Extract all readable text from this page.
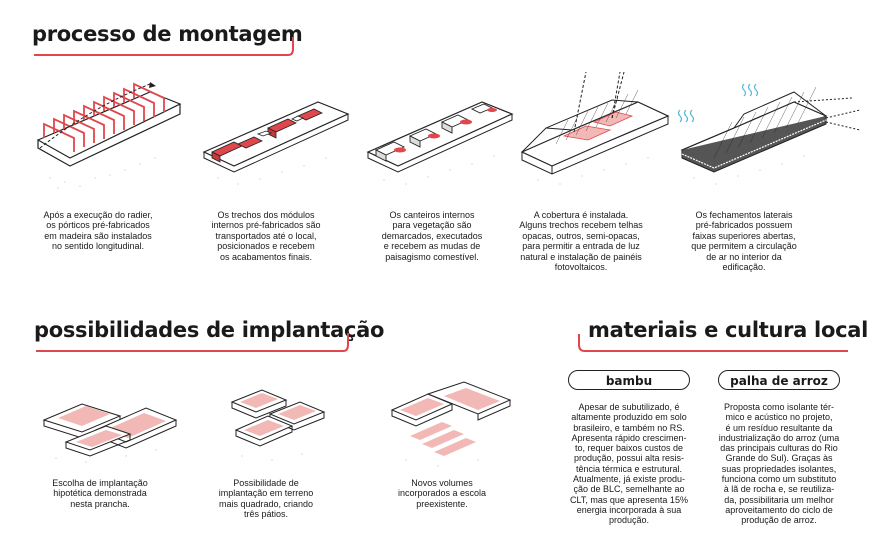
processo de montagem
Após a execução do radier,
os pórticos pré-fabricados
em madeira são instalados
no sentido longitudinal.
Os trechos dos módulos
internos pré-fabricados são
transportados até o local,
posicionados e recebem
os acabamentos finais.
Os canteiros internos
para vegetação são
demarcados, executados
e recebem as mudas de
paisagismo comestível.
A cobertura é instalada.
Alguns trechos recebem telhas
opacas, outros, semi-opacas,
para permitir a entrada de luz
natural e instalação de painéis
fotovoltaicos.
Os fechamentos laterais
pré-fabricados possuem
faixas superiores abertas,
que permitem a circulação
de ar no interior da
edificação.
possibilidades de implantação
Escolha de implantação
hipotética demonstrada
nesta prancha.
Possibilidade de
implantação em terreno
mais quadrado, criando
três pátios.
Novos volumes
incorporados a escola
preexistente.
materiais e cultura local
bambu	palha de arroz
Apesar de subutilizado, é
altamente produzido em solo
brasileiro, e também no RS.
Apresenta rápido crescimen-
to, requer baixos custos de
produção, possui alta resis-
tência térmica e estrutural.
Atualmente, já existe produ-
ção de BLC, semelhante ao
CLT, mas que apresenta 15%
energia incorporada à sua
produção.
Proposta como isolante tér-
mico e acústico no projeto,
é um resíduo resultante da
industrialização do arroz (uma
das principais culturas do Rio
Grande do Sul). Graças às
suas propriedades isolantes,
funciona como um substituto
à lã de rocha e, se reutiliza-
da, possibilitaria um melhor
aproveitamento do ciclo de
produção de arroz.
